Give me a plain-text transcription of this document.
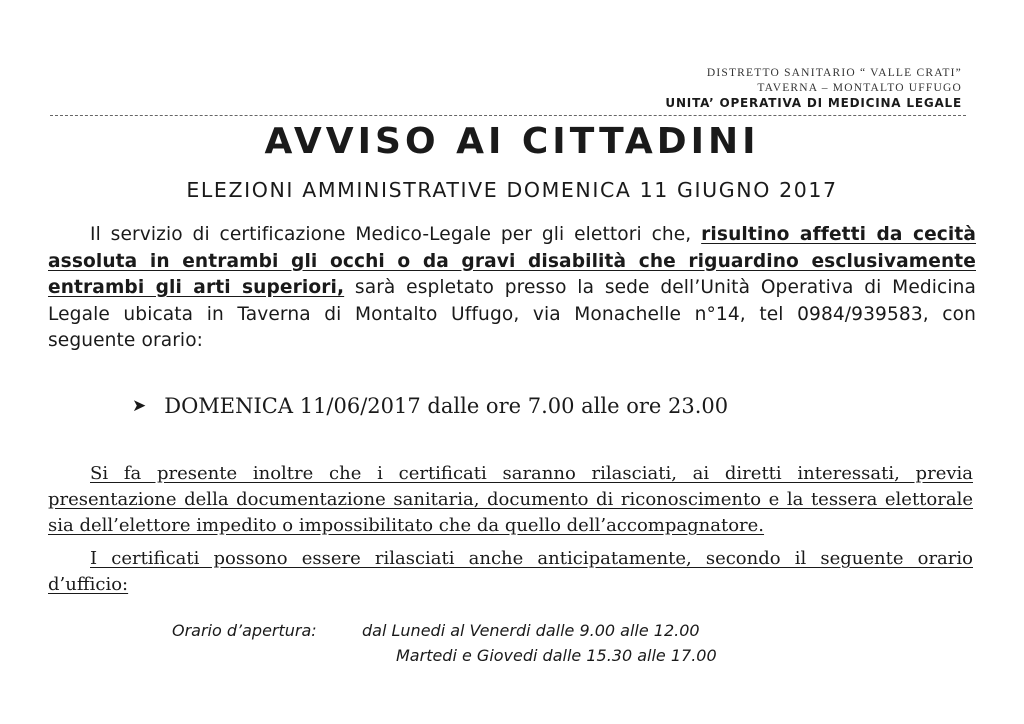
DISTRETTO SANITARIO “ VALLE CRATI”
TAVERNA – MONTALTO UFFUGO
UNITA’ OPERATIVA DI MEDICINA LEGALE
AVVISO AI CITTADINI
ELEZIONI AMMINISTRATIVE DOMENICA 11 GIUGNO 2017
Il servizio di certificazione Medico-Legale per gli elettori che, risultino affetti da cecità assoluta in entrambi gli occhi o da gravi disabilità che riguardino esclusivamente entrambi gli arti superiori, sarà espletato presso la sede dell’Unità Operativa di Medicina Legale ubicata in Taverna di Montalto Uffugo, via Monachelle n°14, tel 0984/939583, con seguente orario:
➤ DOMENICA 11/06/2017 dalle ore 7.00 alle ore 23.00
Si fa presente inoltre che i certificati saranno rilasciati, ai diretti interessati, previa presentazione della documentazione sanitaria, documento di riconoscimento e la tessera elettorale sia dell’elettore impedito o impossibilitato che da quello dell’accompagnatore.
I certificati possono essere rilasciati anche anticipatamente, secondo il seguente orario d’ufficio:
Orario d’apertura:	dal Lunedi al Venerdi dalle 9.00 alle 12.00
Martedi e Giovedi dalle 15.30 alle 17.00
